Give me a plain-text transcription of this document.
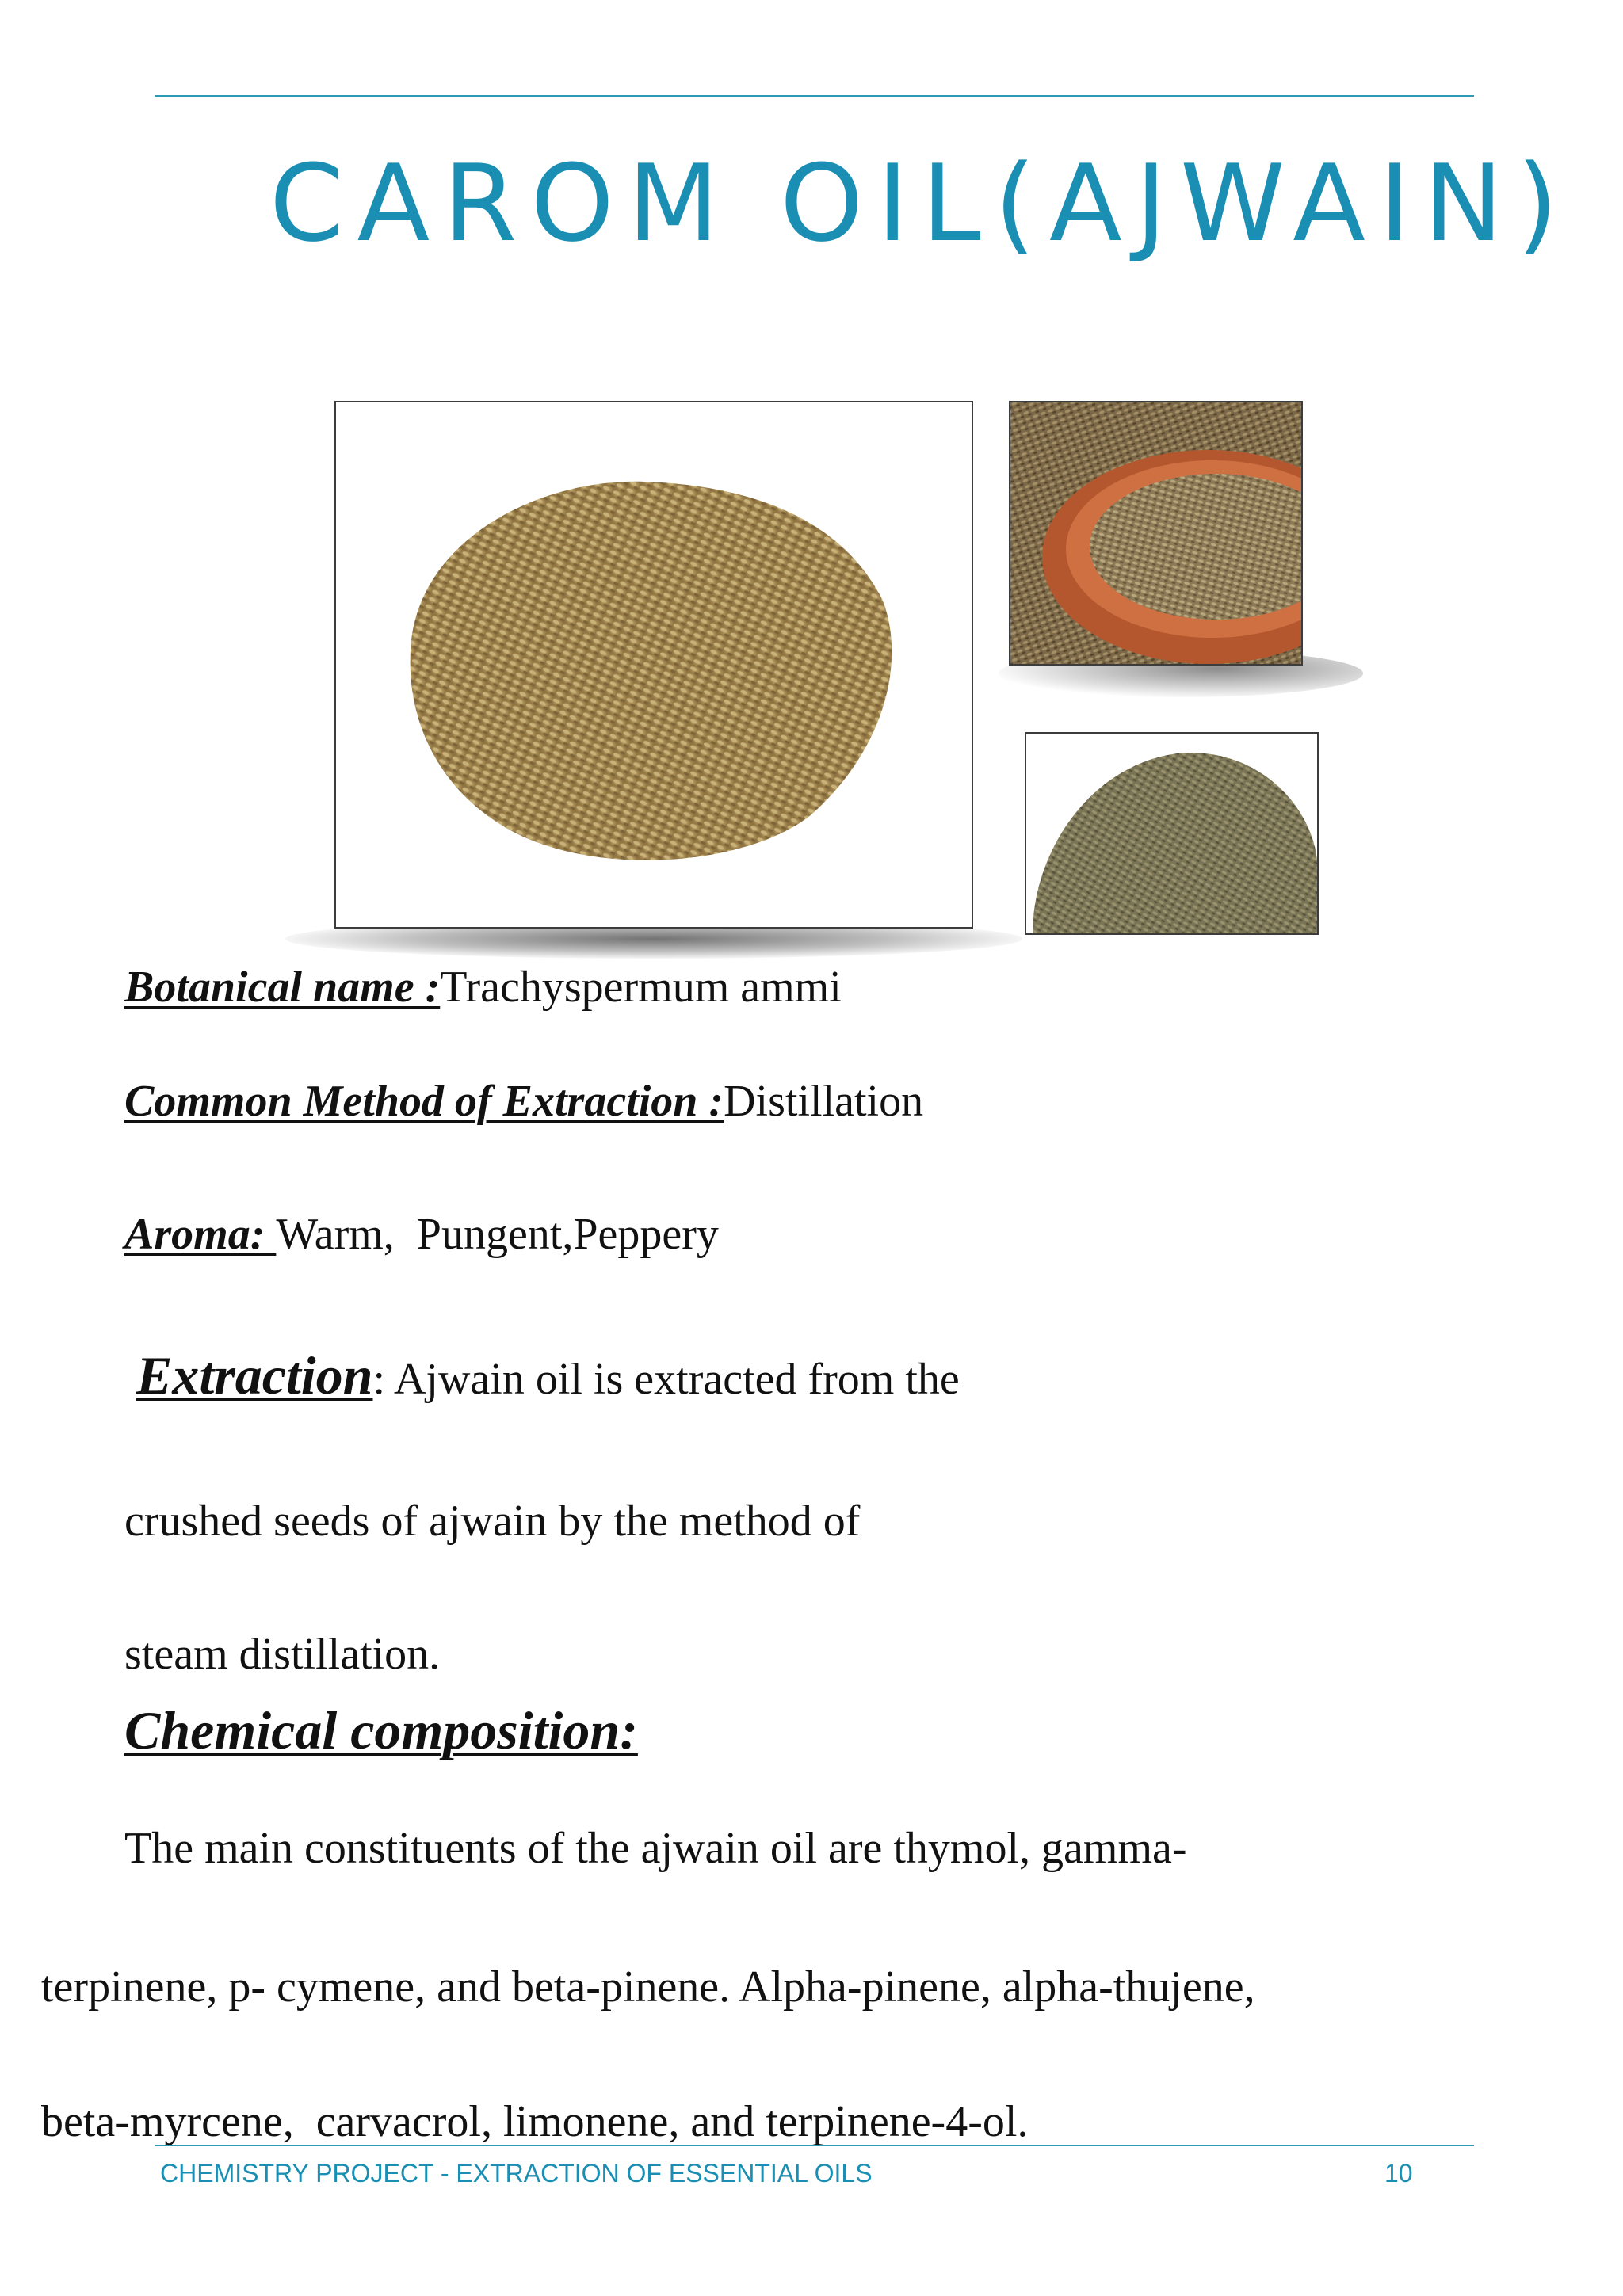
CAROM OIL(AJWAIN)
Botanical name :Trachyspermum ammi
Common Method of Extraction :Distillation
Aroma: Warm,  Pungent,Peppery
Extraction: Ajwain oil is extracted from the
crushed seeds of ajwain by the method of
steam distillation.
Chemical composition:
The main constituents of the ajwain oil are thymol, gamma-
terpinene, p- cymene, and beta-pinene. Alpha-pinene, alpha-thujene,
beta-myrcene,  carvacrol, limonene, and terpinene-4-ol.
CHEMISTRY PROJECT - EXTRACTION OF ESSENTIAL OILS	10
